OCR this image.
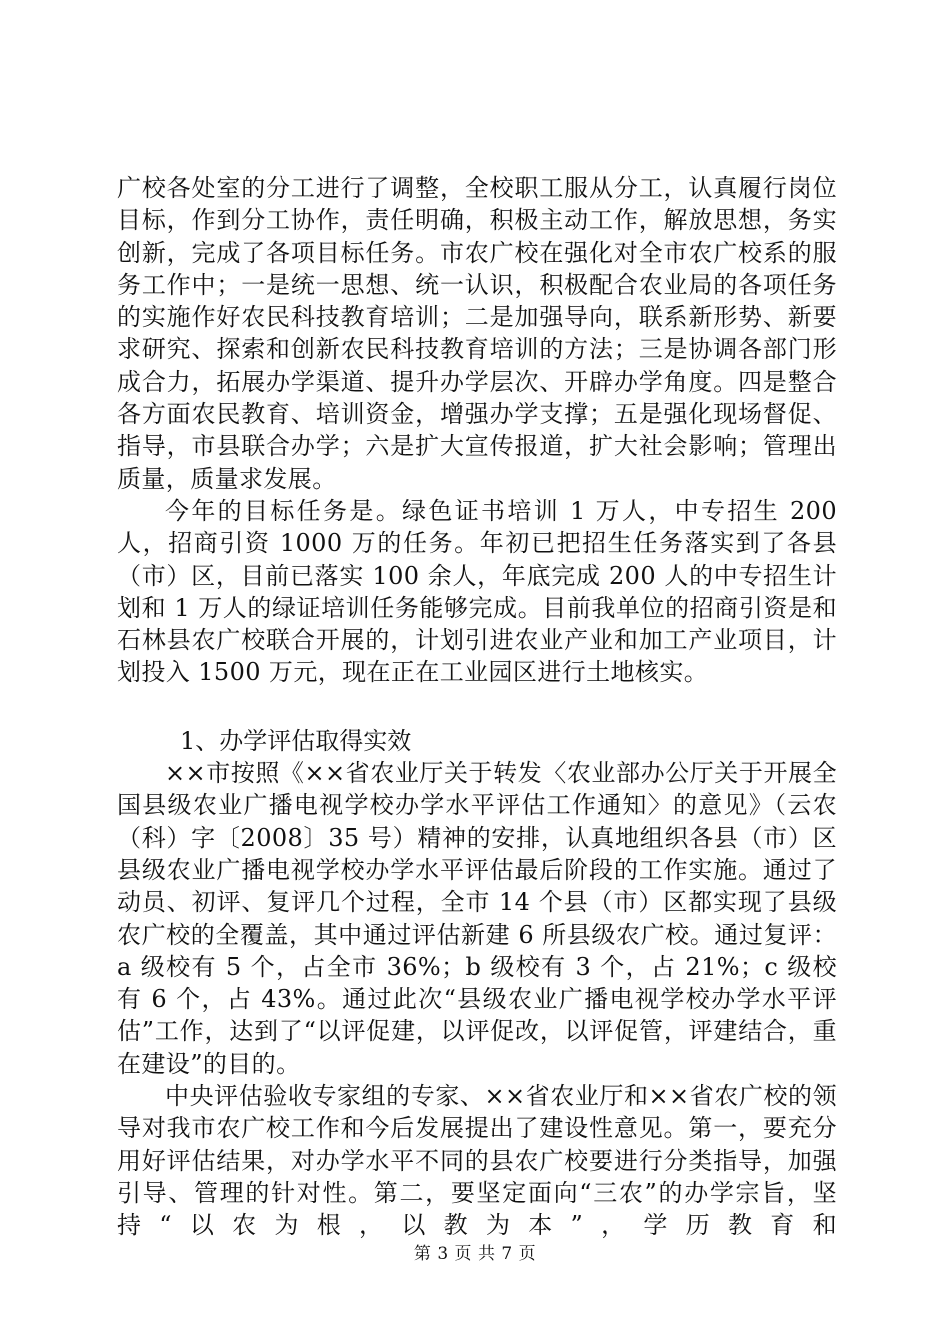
广校各处室的分工进行了调整，全校职工服从分工，认真履行岗位目标，作到分工协作，责任明确，积极主动工作，解放思想，务实创新，完成了各项目标任务。市农广校在强化对全市农广校系的服务工作中；一是统一思想、统一认识，积极配合农业局的各项任务的实施作好农民科技教育培训；二是加强导向，联系新形势、新要求研究、探索和创新农民科技教育培训的方法；三是协调各部门形成合力，拓展办学渠道、提升办学层次、开辟办学角度。四是整合各方面农民教育、培训资金，增强办学支撑；五是强化现场督促、指导，市县联合办学；六是扩大宣传报道，扩大社会影响；管理出质量，质量求发展。

今年的目标任务是。绿色证书培训 1 万人，中专招生 200 人，招商引资 1000 万的任务。年初已把招生任务落实到了各县（市）区，目前已落实 100 余人，年底完成 200 人的中专招生计划和 1 万人的绿证培训任务能够完成。目前我单位的招商引资是和石林县农广校联合开展的，计划引进农业产业和加工产业项目，计划投入 1500 万元，现在正在工业园区进行土地核实。

1、办学评估取得实效

××市按照《××省农业厅关于转发〈农业部办公厅关于开展全国县级农业广播电视学校办学水平评估工作通知〉的意见》（云农（科）字〔2008〕35 号）精神的安排，认真地组织各县（市）区县级农业广播电视学校办学水平评估最后阶段的工作实施。通过了动员、初评、复评几个过程，全市 14 个县（市）区都实现了县级农广校的全覆盖，其中通过评估新建 6 所县级农广校。通过复评：a 级校有 5 个，占全市 36%；b 级校有 3 个，占 21%；c 级校有 6 个，占 43%。通过此次“县级农业广播电视学校办学水平评估”工作，达到了“以评促建，以评促改，以评促管，评建结合，重在建设”的目的。

中央评估验收专家组的专家、××省农业厅和××省农广校的领导对我市农广校工作和今后发展提出了建设性意见。第一，要充分用好评估结果，对办学水平不同的县农广校要进行分类指导，加强引导、管理的针对性。第二，要坚定面向“三农”的办学宗旨，坚持“以农为根，以教为本”，学历教育和

第 3 页 共 7 页
